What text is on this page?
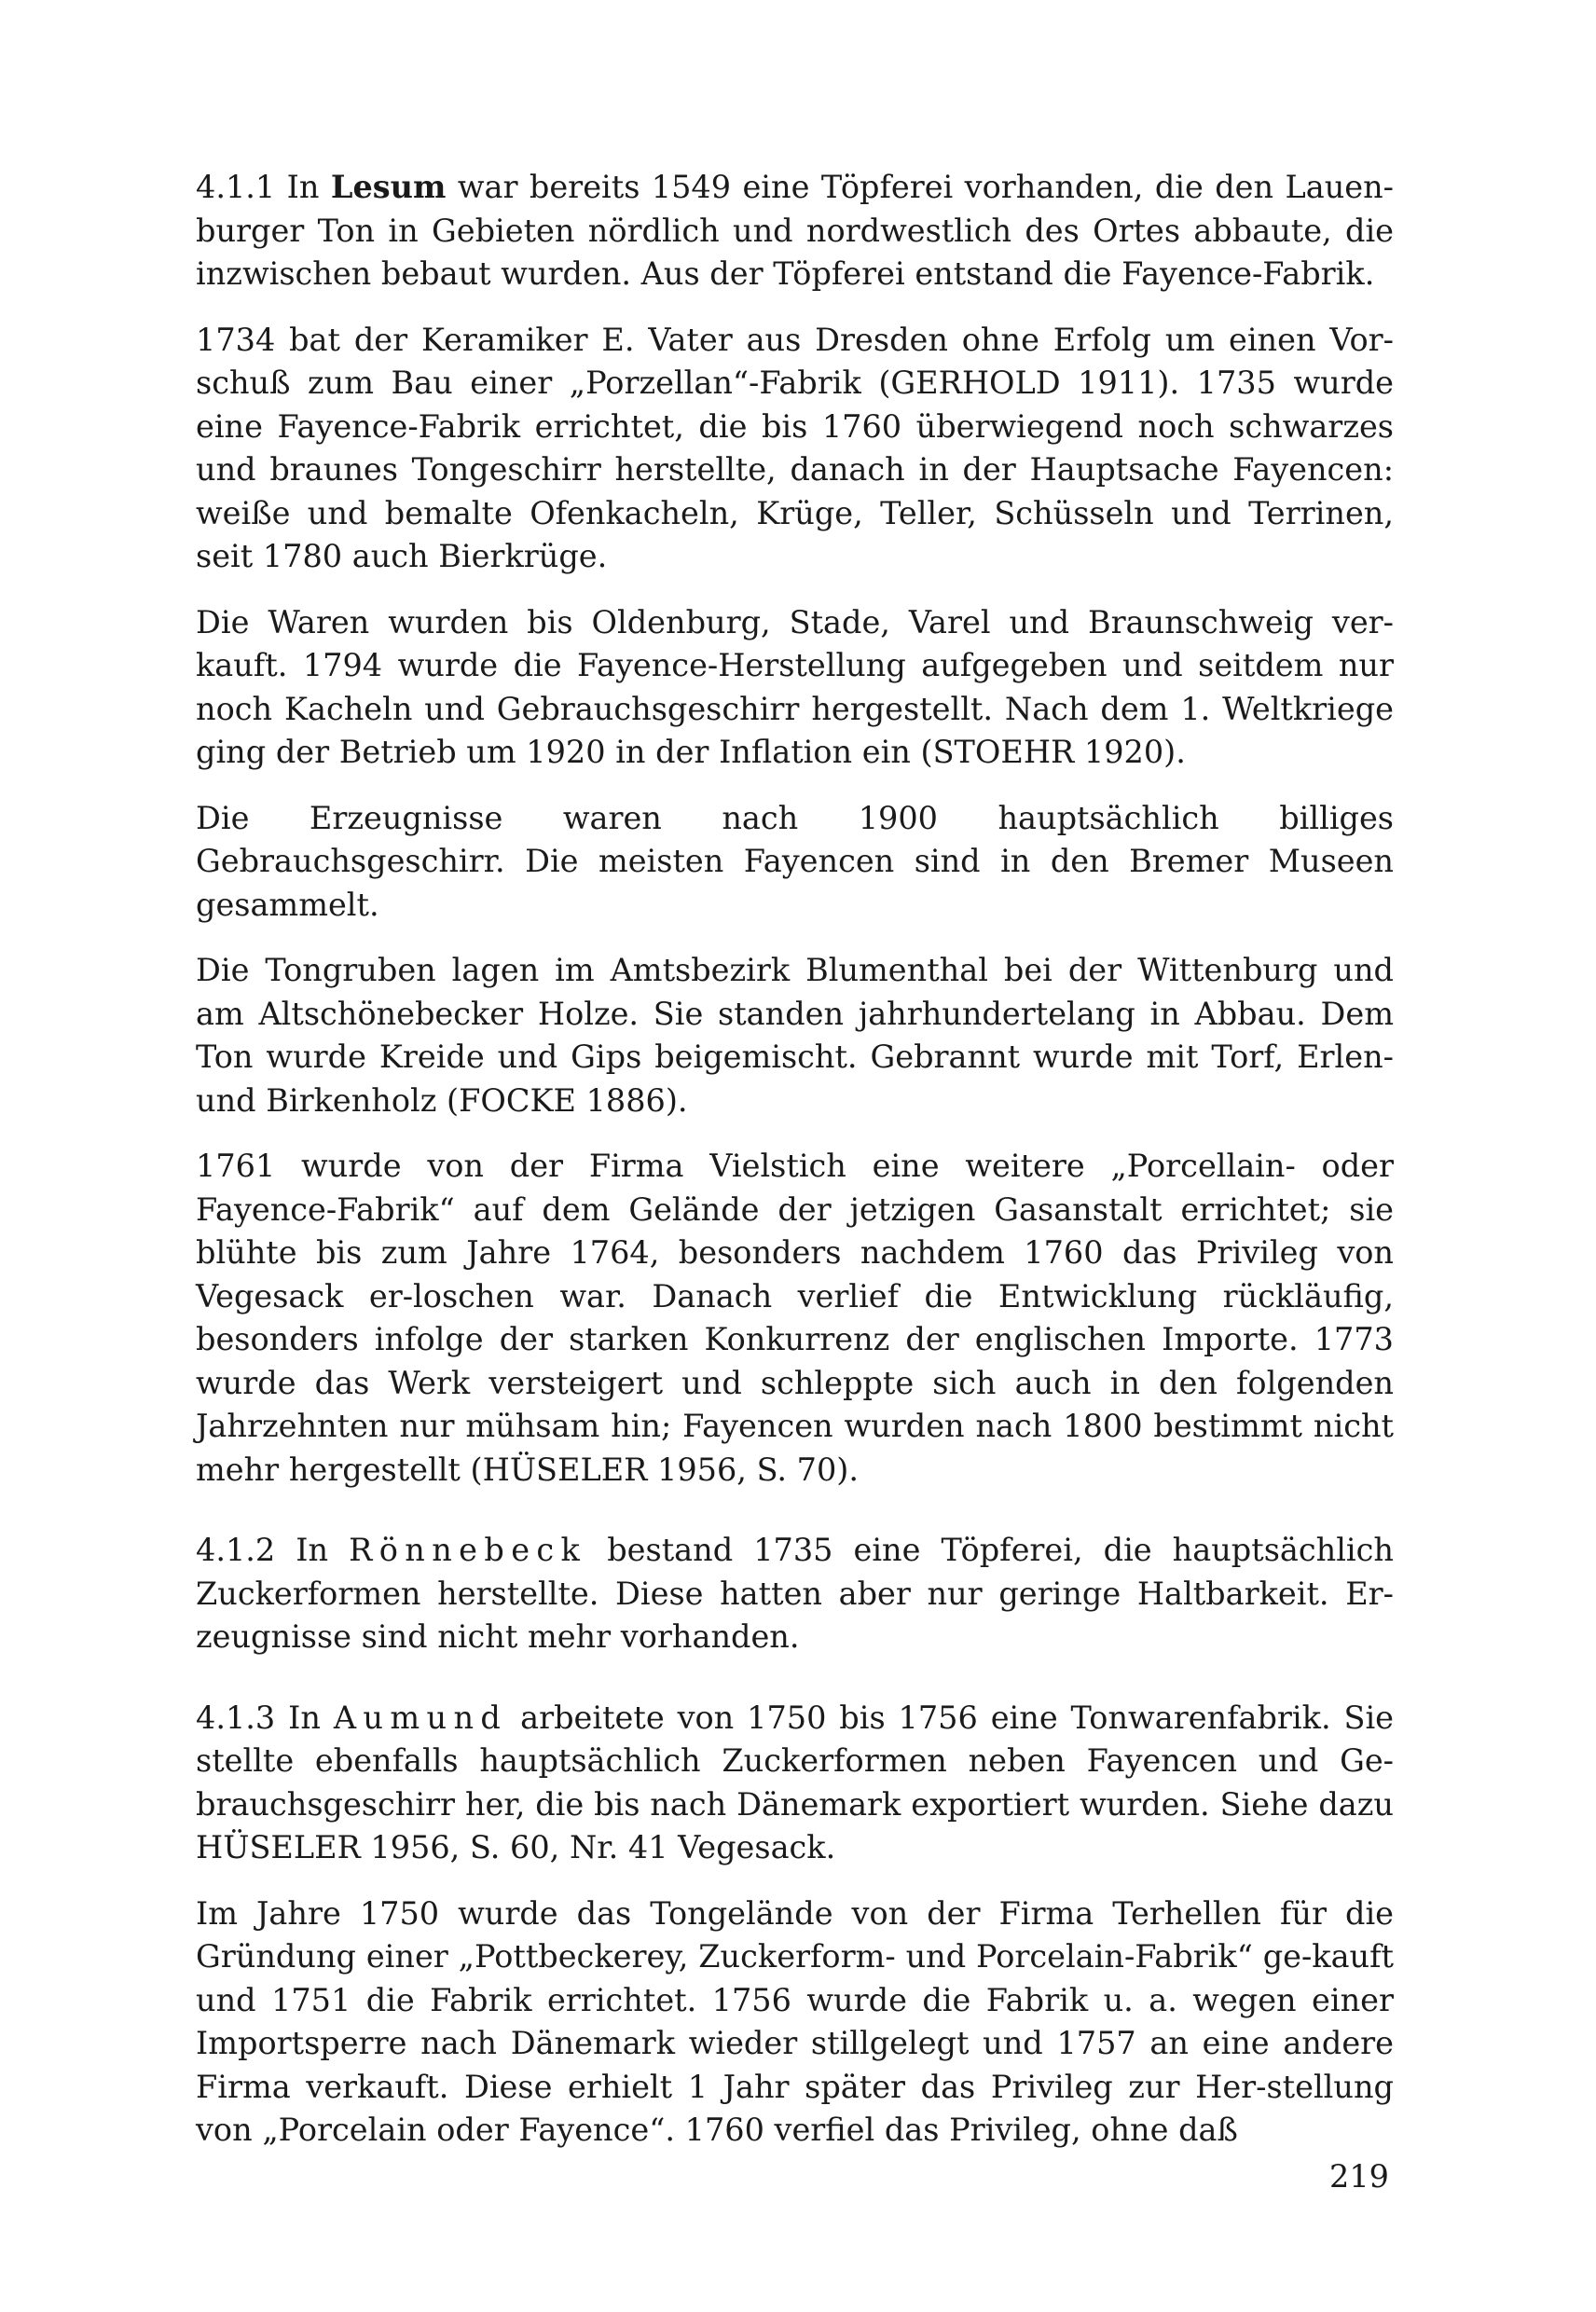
4.1.1 In Lesum war bereits 1549 eine Töpferei vorhanden, die den Lauen-burger Ton in Gebieten nördlich und nordwestlich des Ortes abbaute, die inzwischen bebaut wurden. Aus der Töpferei entstand die Fayence-Fabrik.

1734 bat der Keramiker E. Vater aus Dresden ohne Erfolg um einen Vor-schuß zum Bau einer „Porzellan“-Fabrik (GERHOLD 1911). 1735 wurde eine Fayence-Fabrik errichtet, die bis 1760 überwiegend noch schwarzes und braunes Tongeschirr herstellte, danach in der Hauptsache Fayencen: weiße und bemalte Ofenkacheln, Krüge, Teller, Schüsseln und Terrinen, seit 1780 auch Bierkrüge.

Die Waren wurden bis Oldenburg, Stade, Varel und Braunschweig ver-kauft. 1794 wurde die Fayence-Herstellung aufgegeben und seitdem nur noch Kacheln und Gebrauchsgeschirr hergestellt. Nach dem 1. Weltkriege ging der Betrieb um 1920 in der Inflation ein (STOEHR 1920).

Die Erzeugnisse waren nach 1900 hauptsächlich billiges Gebrauchsgeschirr. Die meisten Fayencen sind in den Bremer Museen gesammelt.

Die Tongruben lagen im Amtsbezirk Blumenthal bei der Wittenburg und am Altschönebecker Holze. Sie standen jahrhundertelang in Abbau. Dem Ton wurde Kreide und Gips beigemischt. Gebrannt wurde mit Torf, Erlen- und Birkenholz (FOCKE 1886).

1761 wurde von der Firma Vielstich eine weitere „Porcellain- oder Fayence-Fabrik“ auf dem Gelände der jetzigen Gasanstalt errichtet; sie blühte bis zum Jahre 1764, besonders nachdem 1760 das Privileg von Vegesack er-loschen war. Danach verlief die Entwicklung rückläufig, besonders infolge der starken Konkurrenz der englischen Importe. 1773 wurde das Werk versteigert und schleppte sich auch in den folgenden Jahrzehnten nur mühsam hin; Fayencen wurden nach 1800 bestimmt nicht mehr hergestellt (HÜSELER 1956, S. 70).

4.1.2 In Rönnebeck bestand 1735 eine Töpferei, die hauptsächlich Zuckerformen herstellte. Diese hatten aber nur geringe Haltbarkeit. Er-zeugnisse sind nicht mehr vorhanden.

4.1.3 In Aumund arbeitete von 1750 bis 1756 eine Tonwarenfabrik. Sie stellte ebenfalls hauptsächlich Zuckerformen neben Fayencen und Ge-brauchsgeschirr her, die bis nach Dänemark exportiert wurden. Siehe dazu HÜSELER 1956, S. 60, Nr. 41 Vegesack.

Im Jahre 1750 wurde das Tongelände von der Firma Terhellen für die Gründung einer „Pottbeckerey, Zuckerform- und Porcelain-Fabrik“ ge-kauft und 1751 die Fabrik errichtet. 1756 wurde die Fabrik u. a. wegen einer Importsperre nach Dänemark wieder stillgelegt und 1757 an eine andere Firma verkauft. Diese erhielt 1 Jahr später das Privileg zur Her-stellung von „Porcelain oder Fayence“. 1760 verfiel das Privileg, ohne daß

219
